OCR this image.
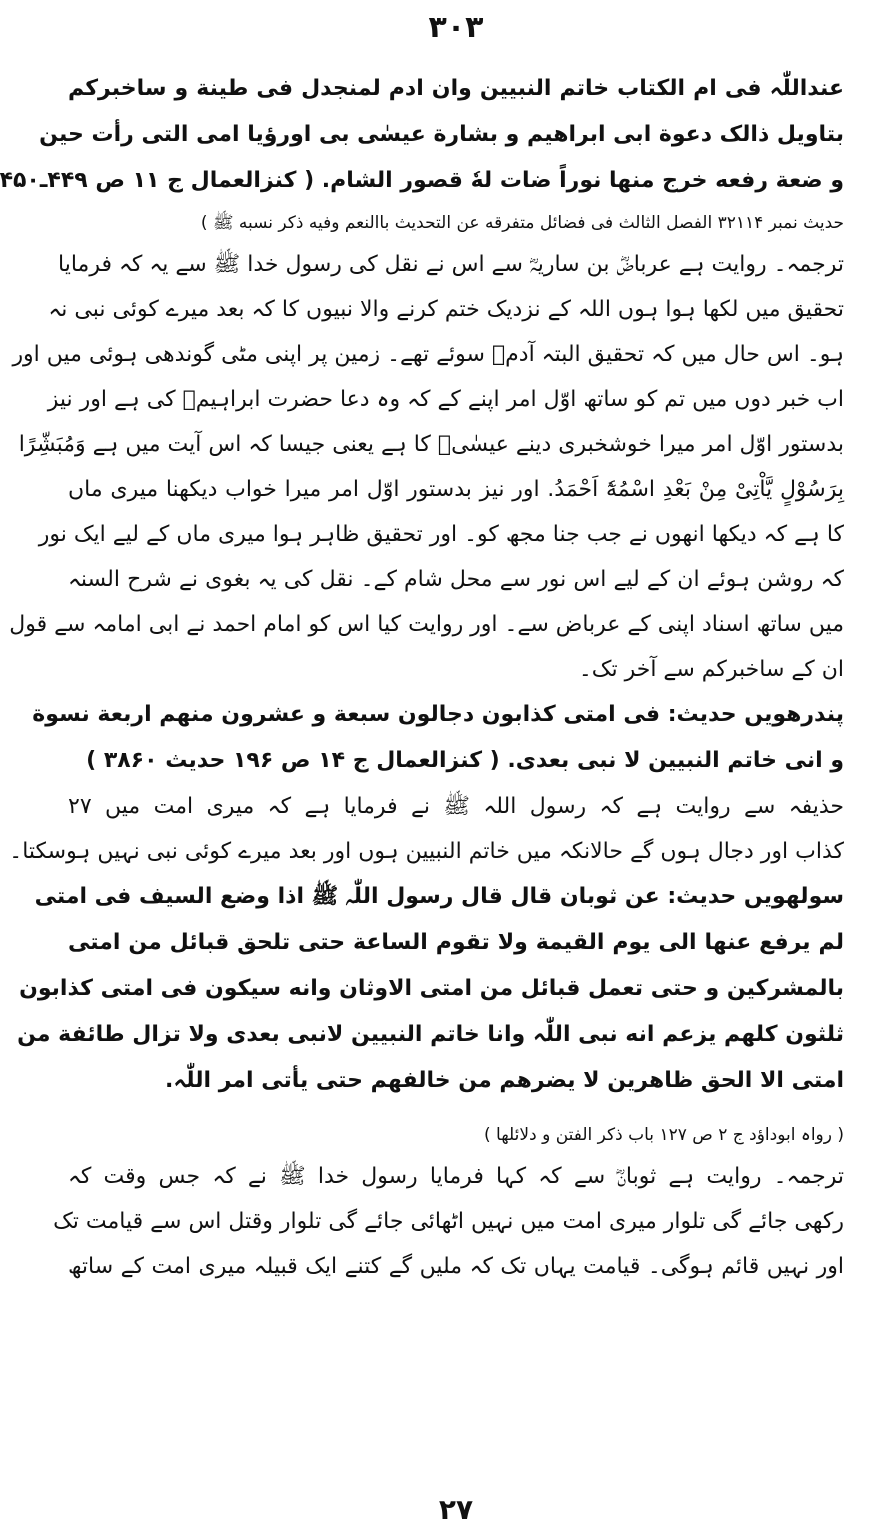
۳۰۳
عنداللّٰہ فی ام الکتاب خاتم النبیین وان ادم لمنجدل فی طینة و ساخبرکم
بتاویل ذالک دعوة ابی ابراھیم و بشارة عیسٰی بی اورؤیا امی التی رأت حین
و ضعة رفعه خرج منھا نوراً ضات لهٗ قصور الشام. ( کنزالعمال ج ۱۱ ص ۴۴۹ـ۴۵۰
حدیث نمبر ۳۲۱۱۴ الفصل الثالث فی فضائل متفرقه عن التحدیث باالنعم وفیه ذکر نسبه ﷺ )
ترجمہ۔ روایت ہے عرباضؓ بن ساریہؓ سے اس نے نقل کی رسول خدا ﷺ سے یہ کہ فرمایا
تحقیق میں لکھا ہوا ہوں اللہ کے نزدیک ختم کرنے والا نبیوں کا کہ بعد میرے کوئی نبی نہ
ہو۔ اس حال میں کہ تحقیق البتہ آدمؑ سوئے تھے۔ زمین پر اپنی مٹی گوندھی ہوئی میں اور
اب خبر دوں میں تم کو ساتھ اوّل امر اپنے کے کہ وہ دعا حضرت ابراہیمؑ کی ہے اور نیز
بدستور اوّل امر میرا خوشخبری دینے عیسٰیؑ کا ہے یعنی جیسا کہ اس آیت میں ہے وَمُبَشِّرًا
بِرَسُوْلٍ یَّاْتِیْ مِنْ بَعْدِ اسْمُهٗٓ اَحْمَدُ. اور نیز بدستور اوّل امر میرا خواب دیکھنا میری ماں
کا ہے کہ دیکھا انھوں نے جب جنا مجھ کو۔ اور تحقیق ظاہر ہوا میری ماں کے لیے ایک نور
کہ روشن ہوئے ان کے لیے اس نور سے محل شام کے۔ نقل کی یہ بغوی نے شرح السنہ
میں ساتھ اسناد اپنی کے عرباض سے۔ اور روایت کیا اس کو امام احمد نے ابی امامہ سے قول
ان کے ساخبرکم سے آخر تک۔
پندرھویں حدیث: فی امتی کذابون دجالون سبعة و عشرون منھم اربعة نسوة
و انی خاتم النبیین لا نبی بعدی. ( کنزالعمال ج ۱۴ ص ۱۹۶ حدیث ۳۸۶۰ )
حذیفہ سے روایت ہے کہ رسول اللہ ﷺ نے فرمایا ہے کہ میری امت میں ۲۷
کذاب اور دجال ہوں گے حالانکہ میں خاتم النبیین ہوں اور بعد میرے کوئی نبی نہیں ہوسکتا۔
سولھویں حدیث: عن ثوبان قال قال رسول اللّٰہ ﷺ اذا وضع السیف فی امتی
لم یرفع عنھا الی یوم القیمة ولا تقوم الساعة حتی تلحق قبائل من امتی
بالمشرکین و حتی تعمل قبائل من امتی الاوثان وانه سیکون فی امتی کذابون
ثلثون کلھم یزعم انه نبی اللّٰہ وانا خاتم النبیین لانبی بعدی ولا تزال طائفة من
امتی الا الحق ظاھرین لا یضرھم من خالفھم حتی یأتی امر اللّٰہ.
( رواہ ابوداؤد ج ۲ ص ۱۲۷ باب ذکر الفتن و دلائلھا )
ترجمہ۔ روایت ہے ثوبانؓ سے کہ کہا فرمایا رسول خدا ﷺ نے کہ جس وقت کہ
رکھی جائے گی تلوار میری امت میں نہیں اٹھائی جائے گی تلوار وقتل اس سے قیامت تک
اور نہیں قائم ہوگی۔ قیامت یہاں تک کہ ملیں گے کتنے ایک قبیلہ میری امت کے ساتھ
۲۷
